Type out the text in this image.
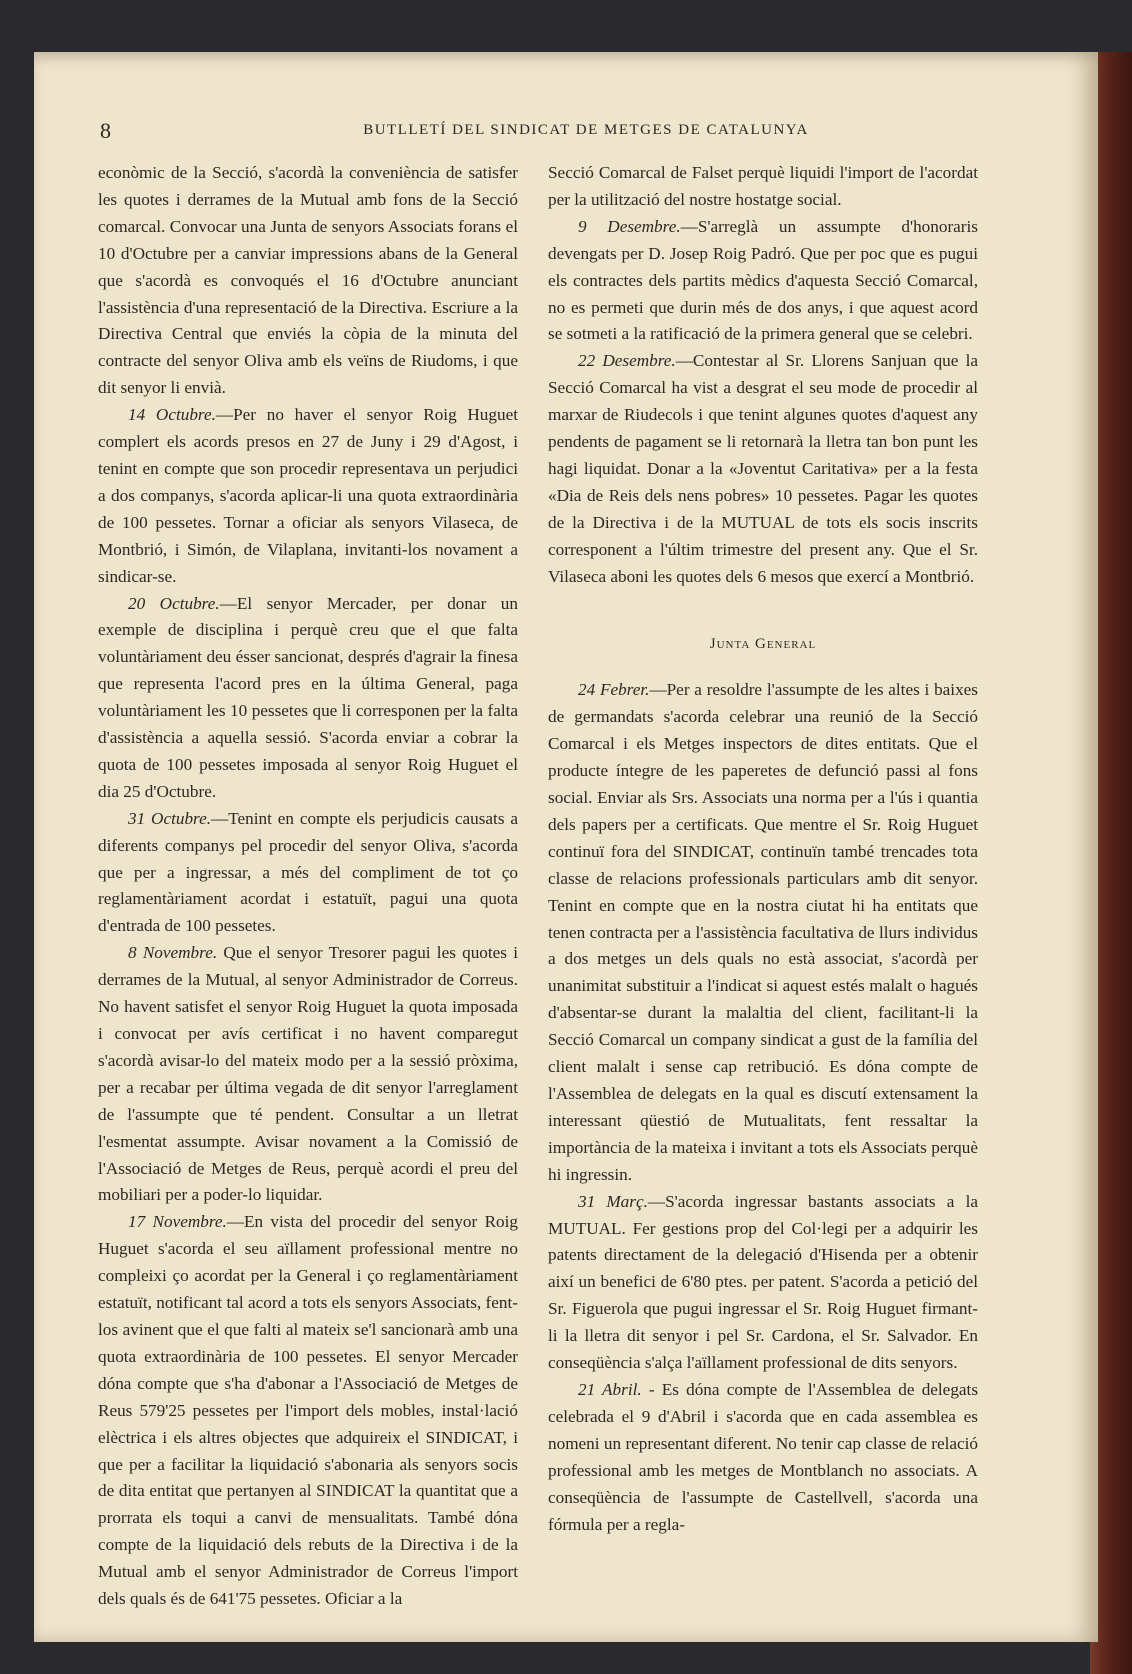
8	BUTLLETÍ DEL SINDICAT DE METGES DE CATALUNYA

econòmic de la Secció, s'acordà la conveniència de satisfer les quotes i derrames de la Mutual amb fons de la Secció comarcal. Convocar una Junta de senyors Associats forans el 10 d'Octubre per a canviar impressions abans de la General que s'acordà es convoqués el 16 d'Octubre anunciant l'assistència d'una representació de la Directiva. Escriure a la Directiva Central que enviés la còpia de la minuta del contracte del senyor Oliva amb els veïns de Riudoms, i que dit senyor li envià.

14 Octubre.—Per no haver el senyor Roig Huguet complert els acords presos en 27 de Juny i 29 d'Agost, i tenint en compte que son procedir representava un perjudici a dos companys, s'acorda aplicar-li una quota extraordinària de 100 pessetes. Tornar a oficiar als senyors Vilaseca, de Montbrió, i Simón, de Vilaplana, invitanti-los novament a sindicar-se.

20 Octubre.—El senyor Mercader, per donar un exemple de disciplina i perquè creu que el que falta voluntàriament deu ésser sancionat, després d'agrair la finesa que representa l'acord pres en la última General, paga voluntàriament les 10 pessetes que li corresponen per la falta d'assistència a aquella sessió. S'acorda enviar a cobrar la quota de 100 pessetes imposada al senyor Roig Huguet el dia 25 d'Octubre.

31 Octubre.—Tenint en compte els perjudicis causats a diferents companys pel procedir del senyor Oliva, s'acorda que per a ingressar, a més del compliment de tot ço reglamentàriament acordat i estatuït, pagui una quota d'entrada de 100 pessetes.

8 Novembre. Que el senyor Tresorer pagui les quotes i derrames de la Mutual, al senyor Administrador de Correus. No havent satisfet el senyor Roig Huguet la quota imposada i convocat per avís certificat i no havent comparegut s'acordà avisar-lo del mateix modo per a la sessió pròxima, per a recabar per última vegada de dit senyor l'arreglament de l'assumpte que té pendent. Consultar a un lletrat l'esmentat assumpte. Avisar novament a la Comissió de l'Associació de Metges de Reus, perquè acordi el preu del mobiliari per a poder-lo liquidar.

17 Novembre.—En vista del procedir del senyor Roig Huguet s'acorda el seu aïllament professional mentre no compleixi ço acordat per la General i ço reglamentàriament estatuït, notificant tal acord a tots els senyors Associats, fent-los avinent que el que falti al mateix se'l sancionarà amb una quota extraordinària de 100 pessetes. El senyor Mercader dóna compte que s'ha d'abonar a l'Associació de Metges de Reus 579'25 pessetes per l'import dels mobles, instal·lació elèctrica i els altres objectes que adquireix el SINDICAT, i que per a facilitar la liquidació s'abonaria als senyors socis de dita entitat que pertanyen al SINDICAT la quantitat que a prorrata els toqui a canvi de mensualitats. També dóna compte de la liquidació dels rebuts de la Directiva i de la Mutual amb el senyor Administrador de Correus l'import dels quals és de 641'75 pessetes. Oficiar a la

Secció Comarcal de Falset perquè liquidi l'import de l'acordat per la utilització del nostre hostatge social.

9 Desembre.—S'arreglà un assumpte d'honoraris devengats per D. Josep Roig Padró. Que per poc que es pugui els contractes dels partits mèdics d'aquesta Secció Comarcal, no es permeti que durin més de dos anys, i que aquest acord se sotmeti a la ratificació de la primera general que se celebri.

22 Desembre.—Contestar al Sr. Llorens Sanjuan que la Secció Comarcal ha vist a desgrat el seu mode de procedir al marxar de Riudecols i que tenint algunes quotes d'aquest any pendents de pagament se li retornarà la lletra tan bon punt les hagi liquidat. Donar a la «Joventut Caritativa» per a la festa «Dia de Reis dels nens pobres» 10 pessetes. Pagar les quotes de la Directiva i de la MUTUAL de tots els socis inscrits corresponent a l'últim trimestre del present any. Que el Sr. Vilaseca aboni les quotes dels 6 mesos que exercí a Montbrió.

Junta General

24 Febrer.—Per a resoldre l'assumpte de les altes i baixes de germandats s'acorda celebrar una reunió de la Secció Comarcal i els Metges inspectors de dites entitats. Que el producte íntegre de les paperetes de defunció passi al fons social. Enviar als Srs. Associats una norma per a l'ús i quantia dels papers per a certificats. Que mentre el Sr. Roig Huguet continuï fora del SINDICAT, continuïn també trencades tota classe de relacions professionals particulars amb dit senyor. Tenint en compte que en la nostra ciutat hi ha entitats que tenen contracta per a l'assistència facultativa de llurs individus a dos metges un dels quals no està associat, s'acordà per unanimitat substituir a l'indicat si aquest estés malalt o hagués d'absentar-se durant la malaltia del client, facilitant-li la Secció Comarcal un company sindicat a gust de la família del client malalt i sense cap retribució. Es dóna compte de l'Assemblea de delegats en la qual es discutí extensament la interessant qüestió de Mutualitats, fent ressaltar la importància de la mateixa i invitant a tots els Associats perquè hi ingressin.

31 Març.—S'acorda ingressar bastants associats a la MUTUAL. Fer gestions prop del Col·legi per a adquirir les patents directament de la delegació d'Hisenda per a obtenir així un benefici de 6'80 ptes. per patent. S'acorda a petició del Sr. Figuerola que pugui ingressar el Sr. Roig Huguet firmant-li la lletra dit senyor i pel Sr. Cardona, el Sr. Salvador. En conseqüència s'alça l'aïllament professional de dits senyors.

21 Abril. - Es dóna compte de l'Assemblea de delegats celebrada el 9 d'Abril i s'acorda que en cada assemblea es nomeni un representant diferent. No tenir cap classe de relació professional amb les metges de Montblanch no associats. A conseqüència de l'assumpte de Castellvell, s'acorda una fórmula per a regla-
